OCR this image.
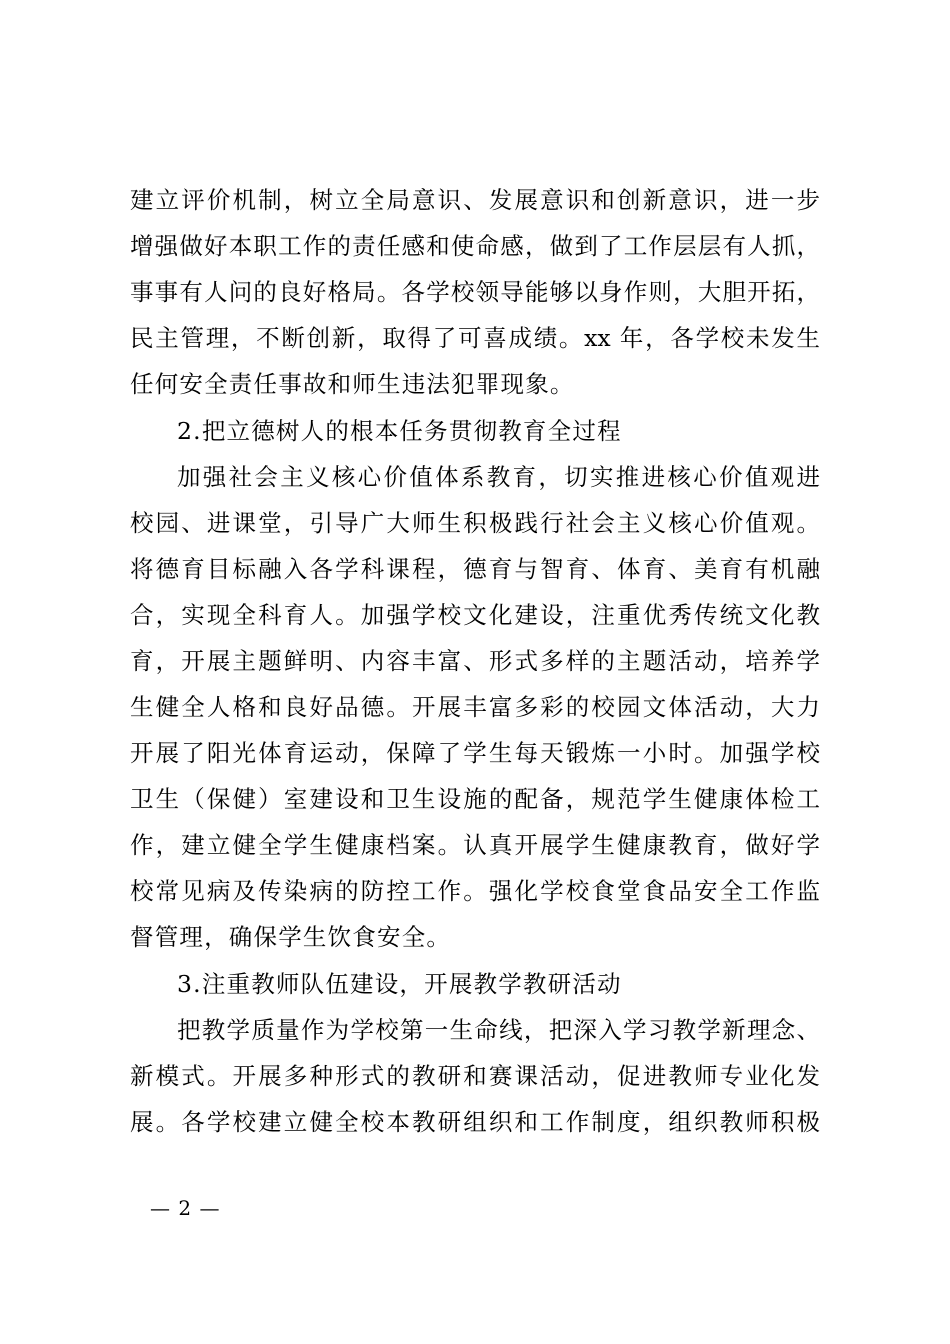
建立评价机制，树立全局意识、发展意识和创新意识，进一步
增强做好本职工作的责任感和使命感，做到了工作层层有人抓，
事事有人问的良好格局。各学校领导能够以身作则，大胆开拓，
民主管理，不断创新，取得了可喜成绩。xx 年，各学校未发生
任何安全责任事故和师生违法犯罪现象。
2.把立德树人的根本任务贯彻教育全过程
加强社会主义核心价值体系教育，切实推进核心价值观进
校园、进课堂，引导广大师生积极践行社会主义核心价值观。
将德育目标融入各学科课程，德育与智育、体育、美育有机融
合，实现全科育人。加强学校文化建设，注重优秀传统文化教
育，开展主题鲜明、内容丰富、形式多样的主题活动，培养学
生健全人格和良好品德。开展丰富多彩的校园文体活动，大力
开展了阳光体育运动，保障了学生每天锻炼一小时。加强学校
卫生（保健）室建设和卫生设施的配备，规范学生健康体检工
作，建立健全学生健康档案。认真开展学生健康教育，做好学
校常见病及传染病的防控工作。强化学校食堂食品安全工作监
督管理，确保学生饮食安全。
3.注重教师队伍建设，开展教学教研活动
把教学质量作为学校第一生命线，把深入学习教学新理念、
新模式。开展多种形式的教研和赛课活动，促进教师专业化发
展。各学校建立健全校本教研组织和工作制度，组织教师积极
— 2 —
